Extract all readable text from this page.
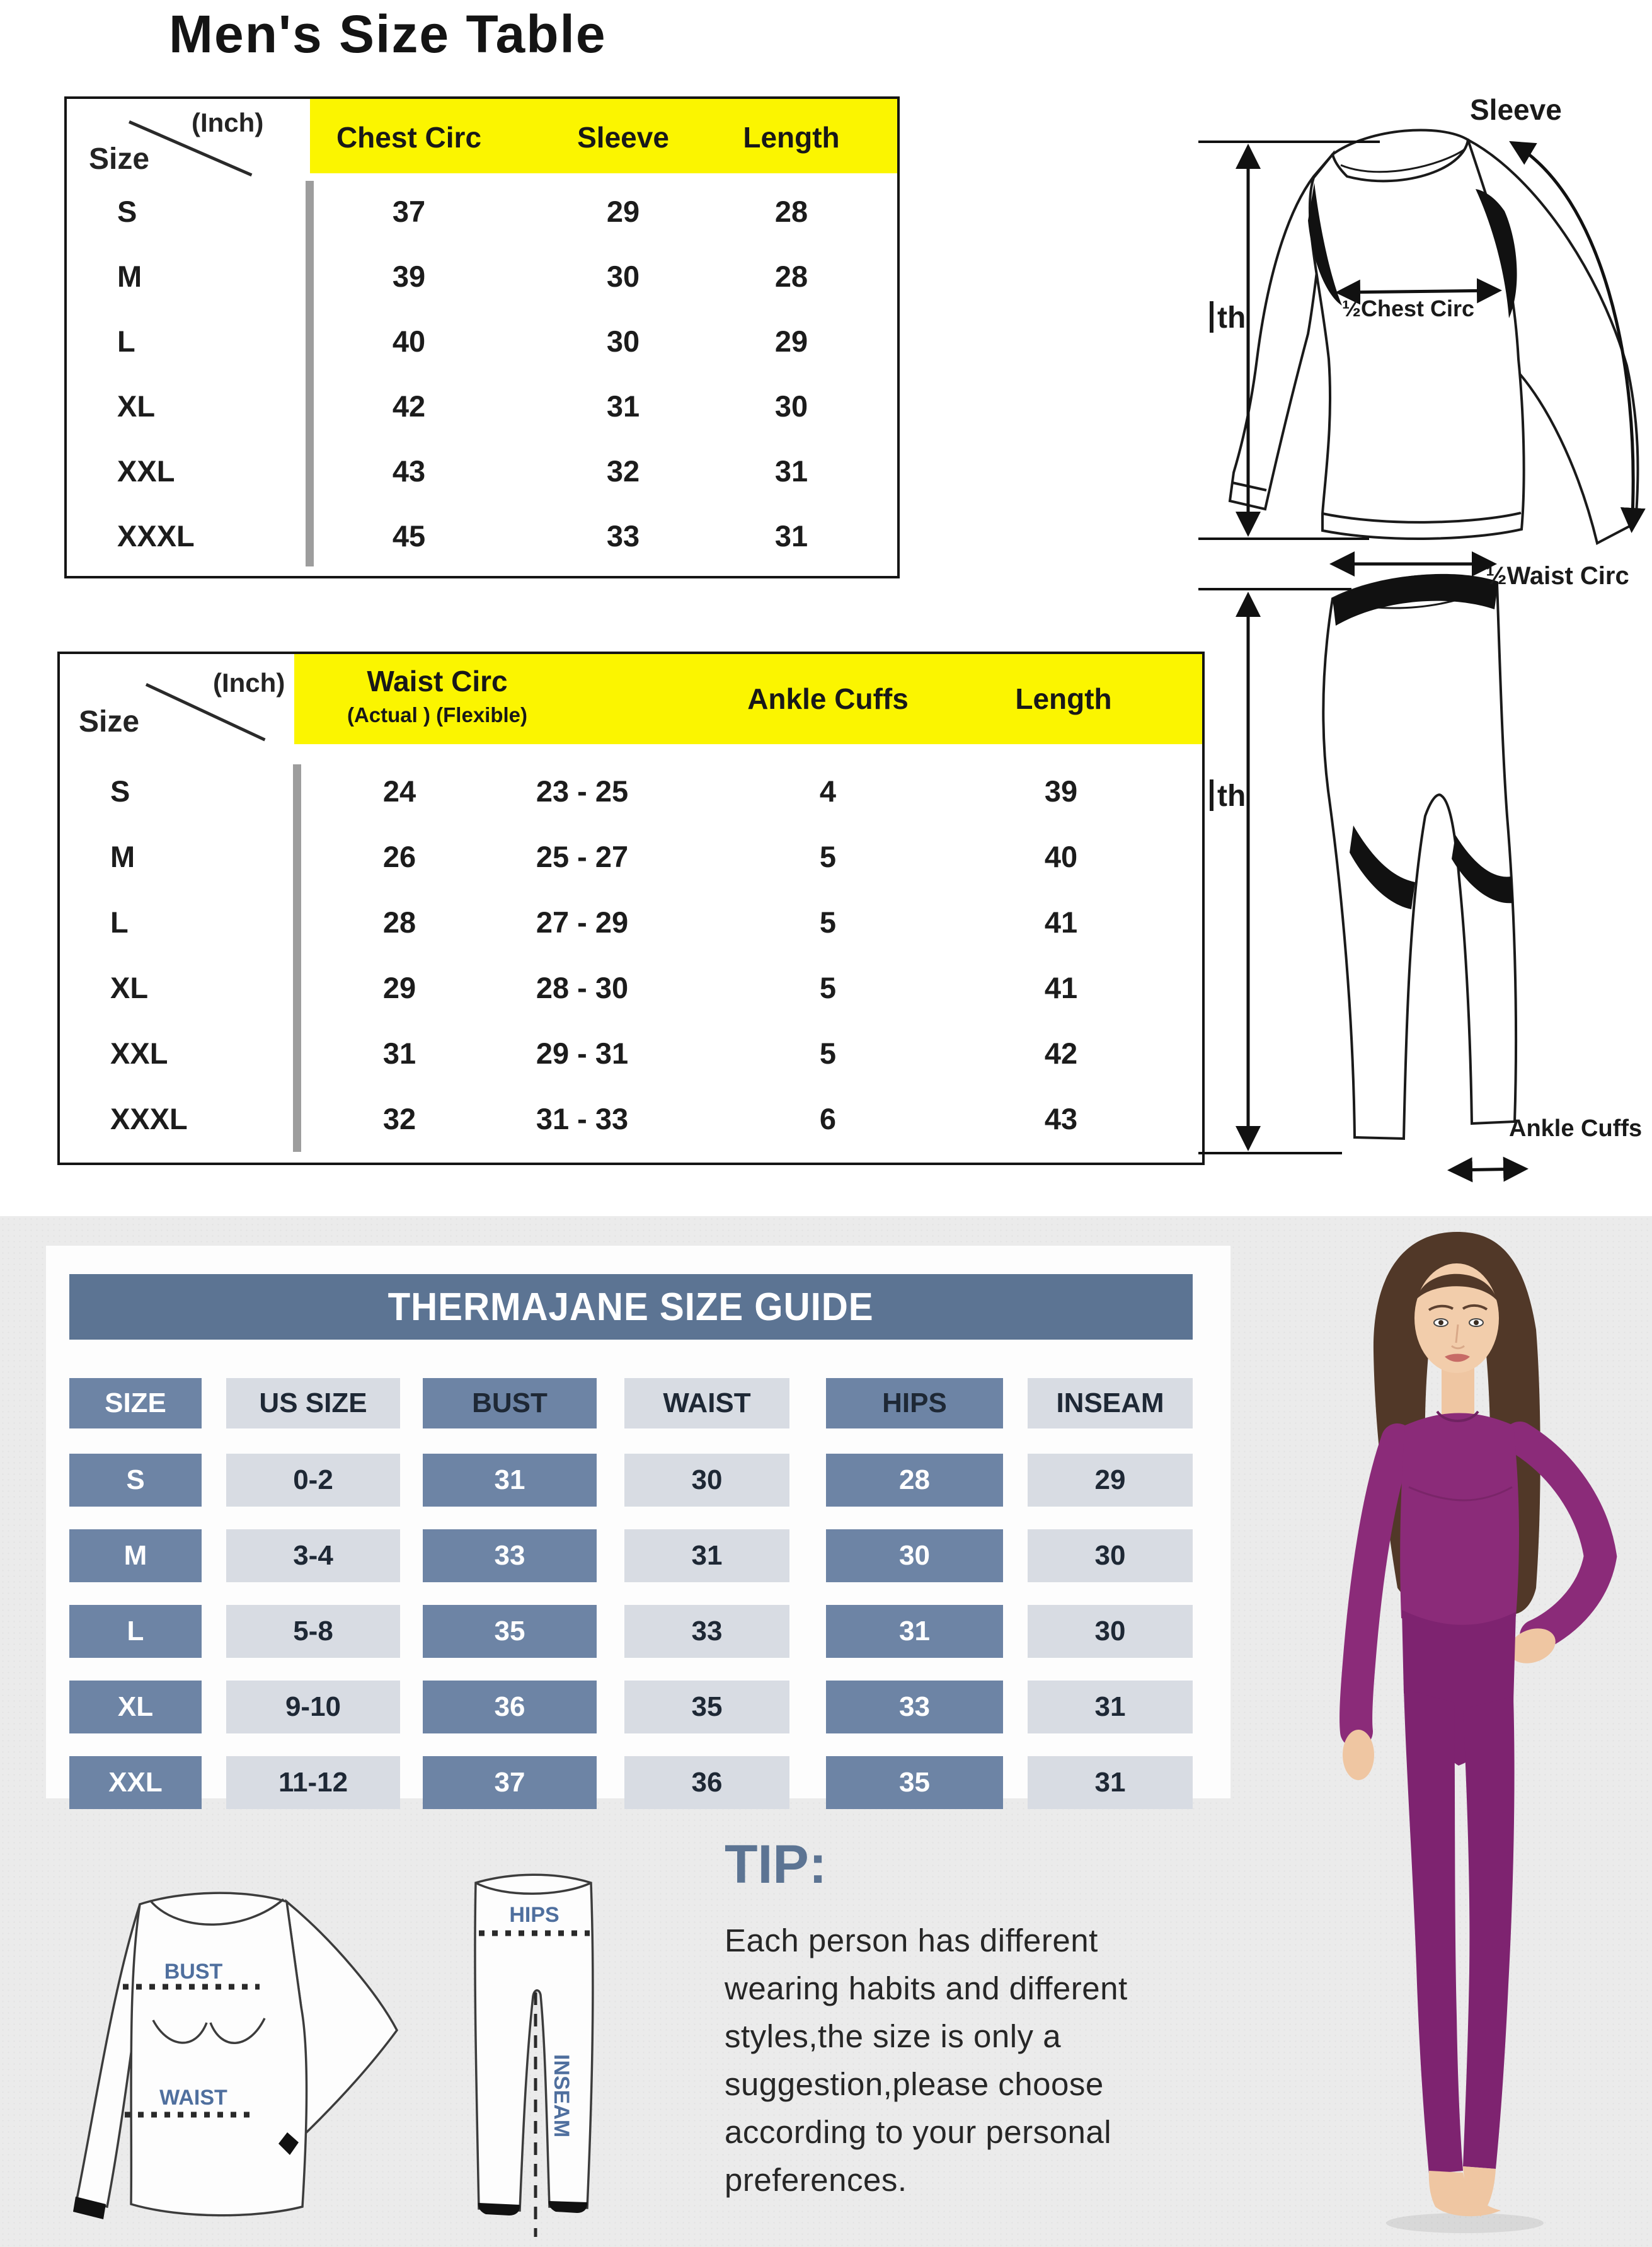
Men's Size Table
(Inch)
Size
Chest Circ	Sleeve	Length
S	37	29	28
M	39	30	28
L	40	30	29
XL	42	31	30
XXL	43	32	31
XXXL	45	33	31
(Inch)
Size
Waist Circ
(Actual ) (Flexible)	Ankle Cuffs	Length
S	24	23 - 25	4	39
M	26	25 - 27	5	40
L	28	27 - 29	5	41
XL	29	28 - 30	5	41
XXL	31	29 - 31	5	42
XXXL	32	31 - 33	6	43
½Chest Circ
Sleeve
th
½Waist Circ
th
Ankle Cuffs
THERMAJANE SIZE GUIDE
SIZE	US SIZE	BUST	WAIST	HIPS	INSEAM
S	0-2	31	30	28	29
M	3-4	33	31	30	30
L	5-8	35	33	31	30
XL	9-10	36	35	33	31
XXL	11-12	37	36	35	31
BUST
WAIST
HIPS
INSEAM
TIP:
Each person has different
wearing habits and different
styles,the size is only a
suggestion,please choose
according to your personal
preferences.
